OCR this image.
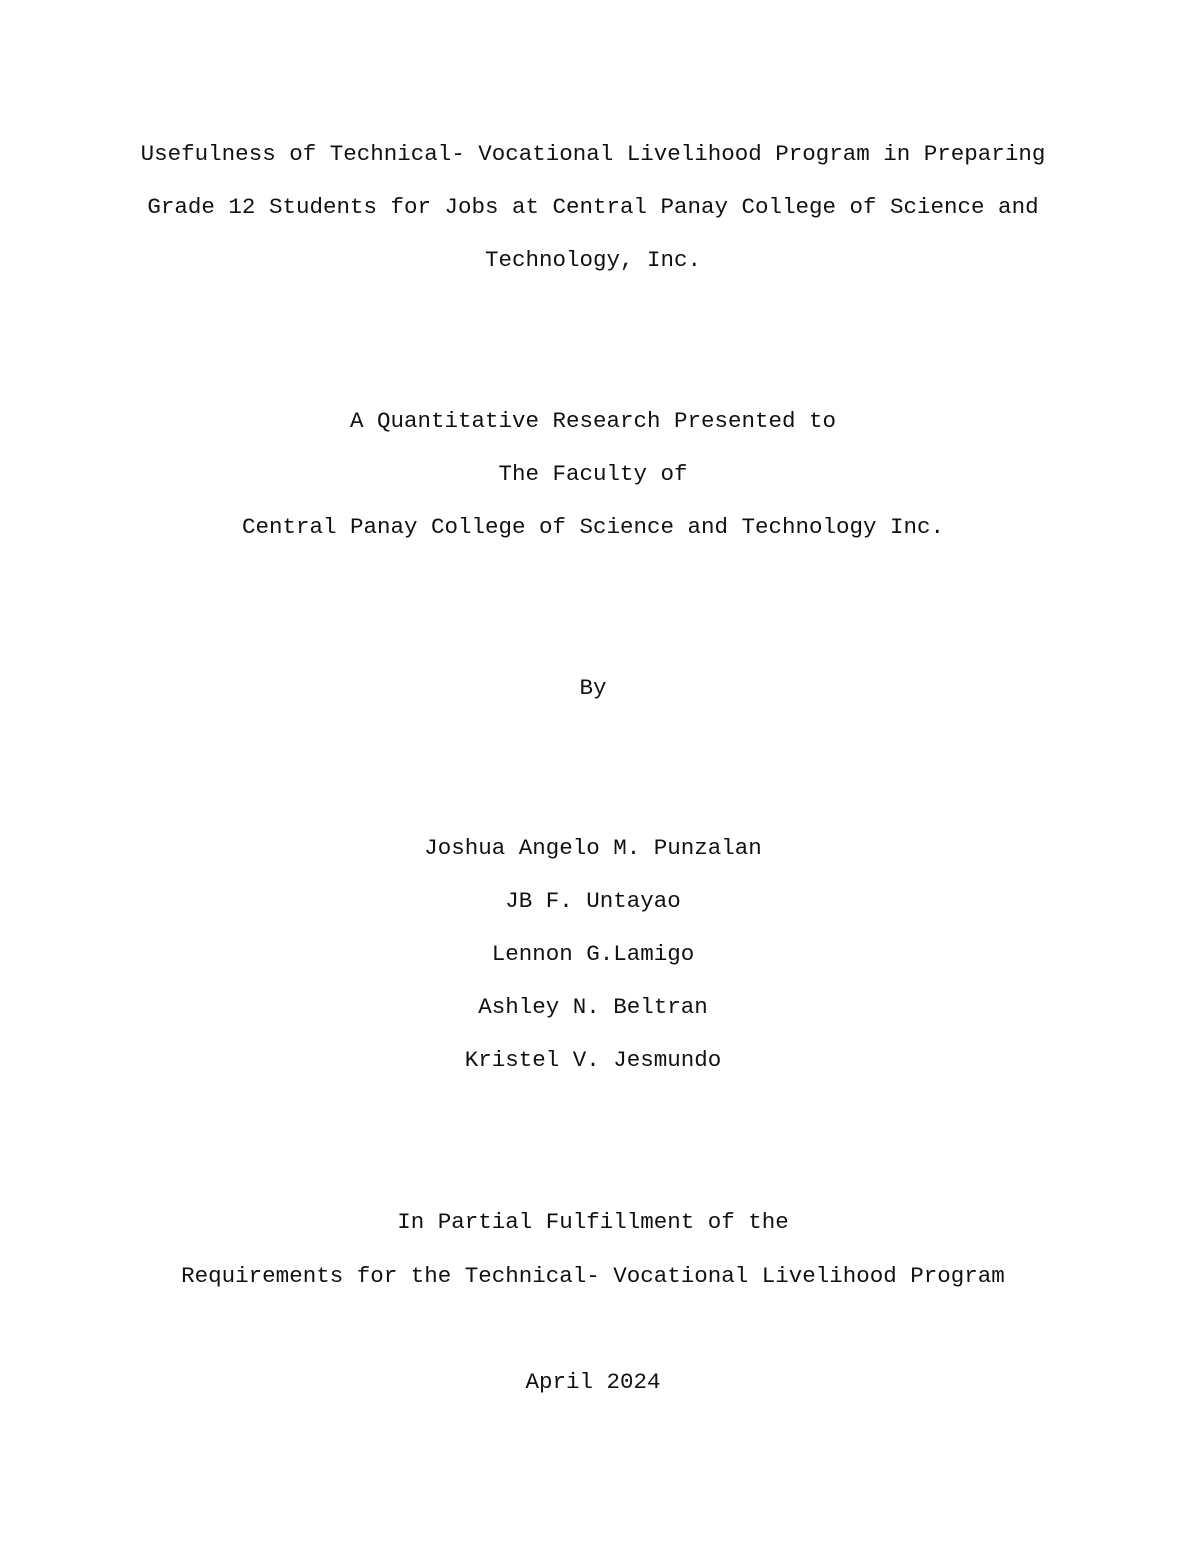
Usefulness of Technical- Vocational Livelihood Program in Preparing
Grade 12 Students for Jobs at Central Panay College of Science and
Technology, Inc.
A Quantitative Research Presented to
The Faculty of
Central Panay College of Science and Technology Inc.
By
Joshua Angelo M. Punzalan
JB F. Untayao
Lennon G.Lamigo
Ashley N. Beltran
Kristel V. Jesmundo
In Partial Fulfillment of the
Requirements for the Technical- Vocational Livelihood Program
April 2024
